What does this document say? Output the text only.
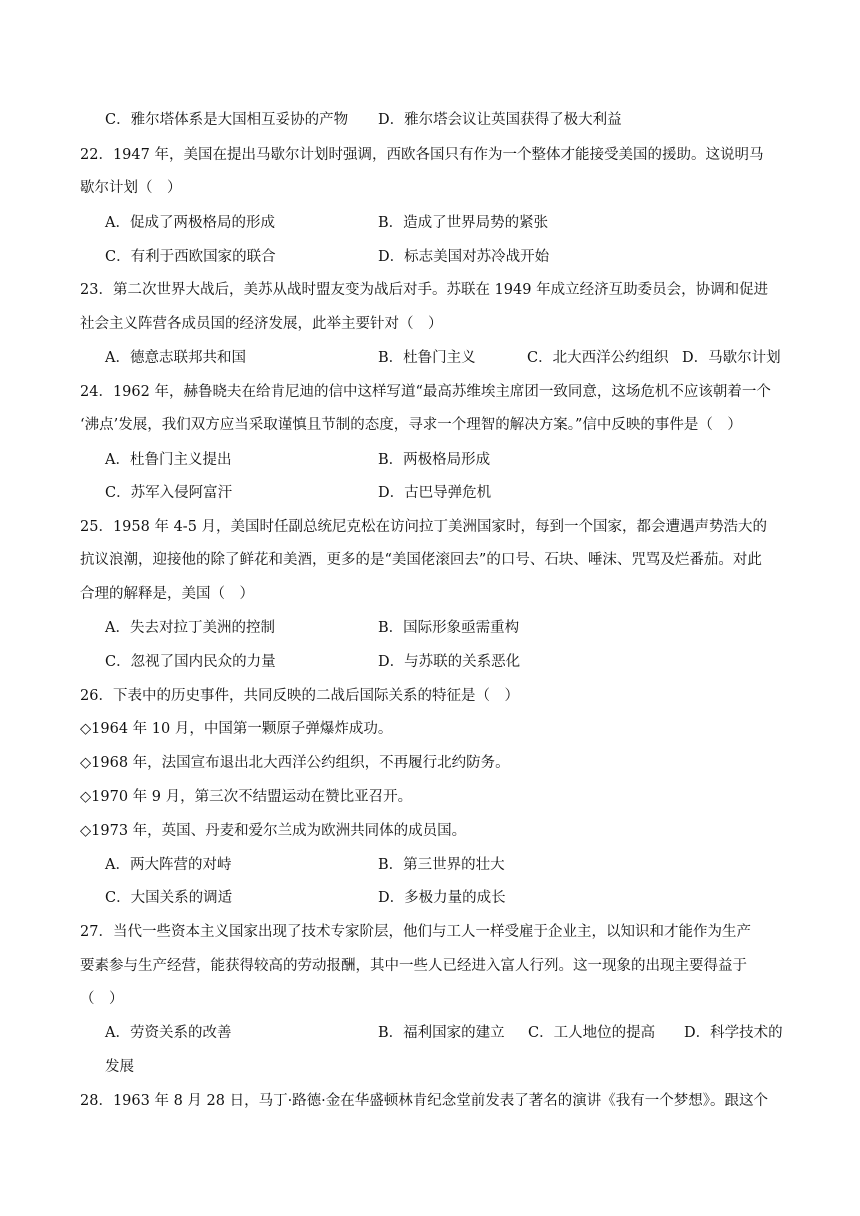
C．雅尔塔体系是大国相互妥协的产物 D．雅尔塔会议让英国获得了极大利益
22．1947 年，美国在提出马歇尔计划时强调，西欧各国只有作为一个整体才能接受美国的援助。这说明马
歇尔计划（　）
A．促成了两极格局的形成	B．造成了世界局势的紧张
C．有利于西欧国家的联合	D．标志美国对苏冷战开始
23．第二次世界大战后，美苏从战时盟友变为战后对手。苏联在 1949 年成立经济互助委员会，协调和促进
社会主义阵营各成员国的经济发展，此举主要针对（　）
A．德意志联邦共和国	B．杜鲁门主义	C．北大西洋公约组织 D．马歇尔计划
24．1962 年，赫鲁晓夫在给肯尼迪的信中这样写道“最高苏维埃主席团一致同意，这场危机不应该朝着一个
‘沸点’发展，我们双方应当采取谨慎且节制的态度，寻求一个理智的解决方案。”信中反映的事件是（　）
A．杜鲁门主义提出	B．两极格局形成
C．苏军入侵阿富汗	D．古巴导弹危机
25．1958 年 4-5 月，美国时任副总统尼克松在访问拉丁美洲国家时，每到一个国家，都会遭遇声势浩大的
抗议浪潮，迎接他的除了鲜花和美酒，更多的是“美国佬滚回去”的口号、石块、唾沫、咒骂及烂番茄。对此
合理的解释是，美国（　）
A．失去对拉丁美洲的控制	B．国际形象亟需重构
C．忽视了国内民众的力量	D．与苏联的关系恶化
26．下表中的历史事件，共同反映的二战后国际关系的特征是（　）
◇1964 年 10 月，中国第一颗原子弹爆炸成功。
◇1968 年，法国宣布退出北大西洋公约组织，不再履行北约防务。
◇1970 年 9 月，第三次不结盟运动在赞比亚召开。
◇1973 年，英国、丹麦和爱尔兰成为欧洲共同体的成员国。
A．两大阵营的对峙	B．第三世界的壮大
C．大国关系的调适	D．多极力量的成长
27．当代一些资本主义国家出现了技术专家阶层，他们与工人一样受雇于企业主，以知识和才能作为生产
要素参与生产经营，能获得较高的劳动报酬，其中一些人已经进入富人行列。这一现象的出现主要得益于
（　）
A．劳资关系的改善	B．福利国家的建立 C．工人地位的提高 D．科学技术的
发展
28．1963 年 8 月 28 日，马丁·路德·金在华盛顿林肯纪念堂前发表了著名的演讲《我有一个梦想》。跟这个
